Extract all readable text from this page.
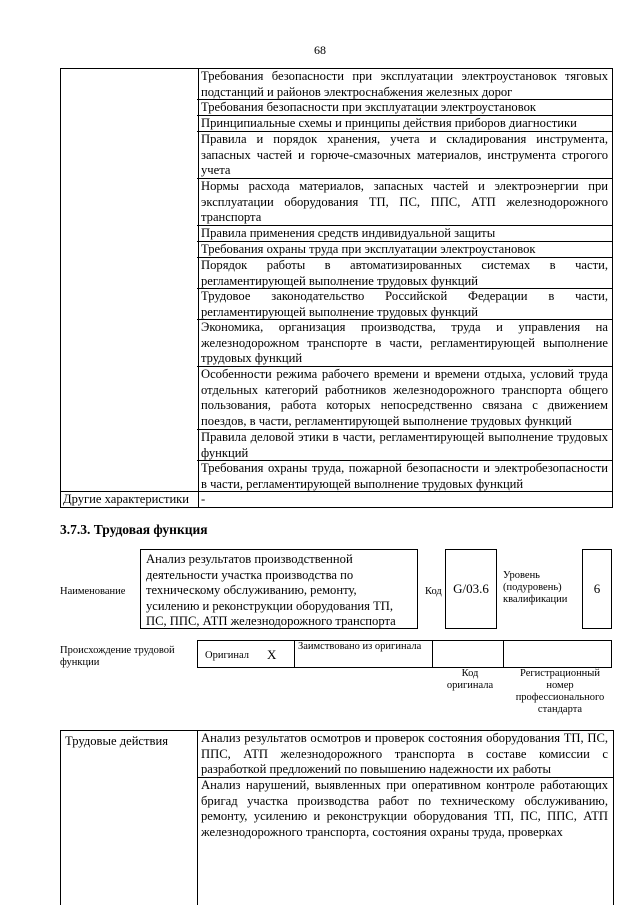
68
Требования безопасности при эксплуатации электроустановок тяговых подстанций и районов электроснабжения железных дорог
Требования безопасности при эксплуатации электроустановок
Принципиальные схемы и принципы действия приборов диагностики
Правила и порядок хранения, учета и складирования инструмента, запасных частей и горюче-смазочных материалов, инструмента строгого учета
Нормы расхода материалов, запасных частей и электроэнергии при эксплуатации оборудования ТП, ПС, ППС, АТП железнодорожного транспорта
Правила применения средств индивидуальной защиты
Требования охраны труда при эксплуатации электроустановок
Порядок работы в автоматизированных системах в части, регламентирующей выполнение трудовых функций
Трудовое законодательство Российской Федерации в части, регламентирующей выполнение трудовых функций
Экономика, организация производства, труда и управления на железнодорожном транспорте в части, регламентирующей выполнение трудовых функций
Особенности режима рабочего времени и времени отдыха, условий труда отдельных категорий работников железнодорожного транспорта общего пользования, работа которых непосредственно связана с движением поездов, в части, регламентирующей выполнение трудовых функций
Правила деловой этики в части, регламентирующей выполнение трудовых функций
Требования охраны труда, пожарной безопасности и электробезопасности в части, регламентирующей выполнение трудовых функций
Другие характеристики -
3.7.3. Трудовая функция
Наименование
Анализ результатов производственной деятельности участка производства по техническому обслуживанию, ремонту, усилению и реконструкции оборудования ТП, ПС, ППС, АТП железнодорожного транспорта
Код G/03.6
Уровень (подуровень) квалификации
6
Происхождение трудовой функции
Оригинал X
Заимствовано из оригинала
Код оригинала
Регистрационный номер профессионального стандарта
Трудовые действия	Анализ результатов осмотров и проверок состояния оборудования ТП, ПС, ППС, АТП железнодорожного транспорта в составе комиссии с разработкой предложений по повышению надежности их работы
Анализ нарушений, выявленных при оперативном контроле работающих бригад участка производства работ по техническому обслуживанию, ремонту, усилению и реконструкции оборудования ТП, ПС, ППС, АТП железнодорожного транспорта, состояния охраны труда, проверках
